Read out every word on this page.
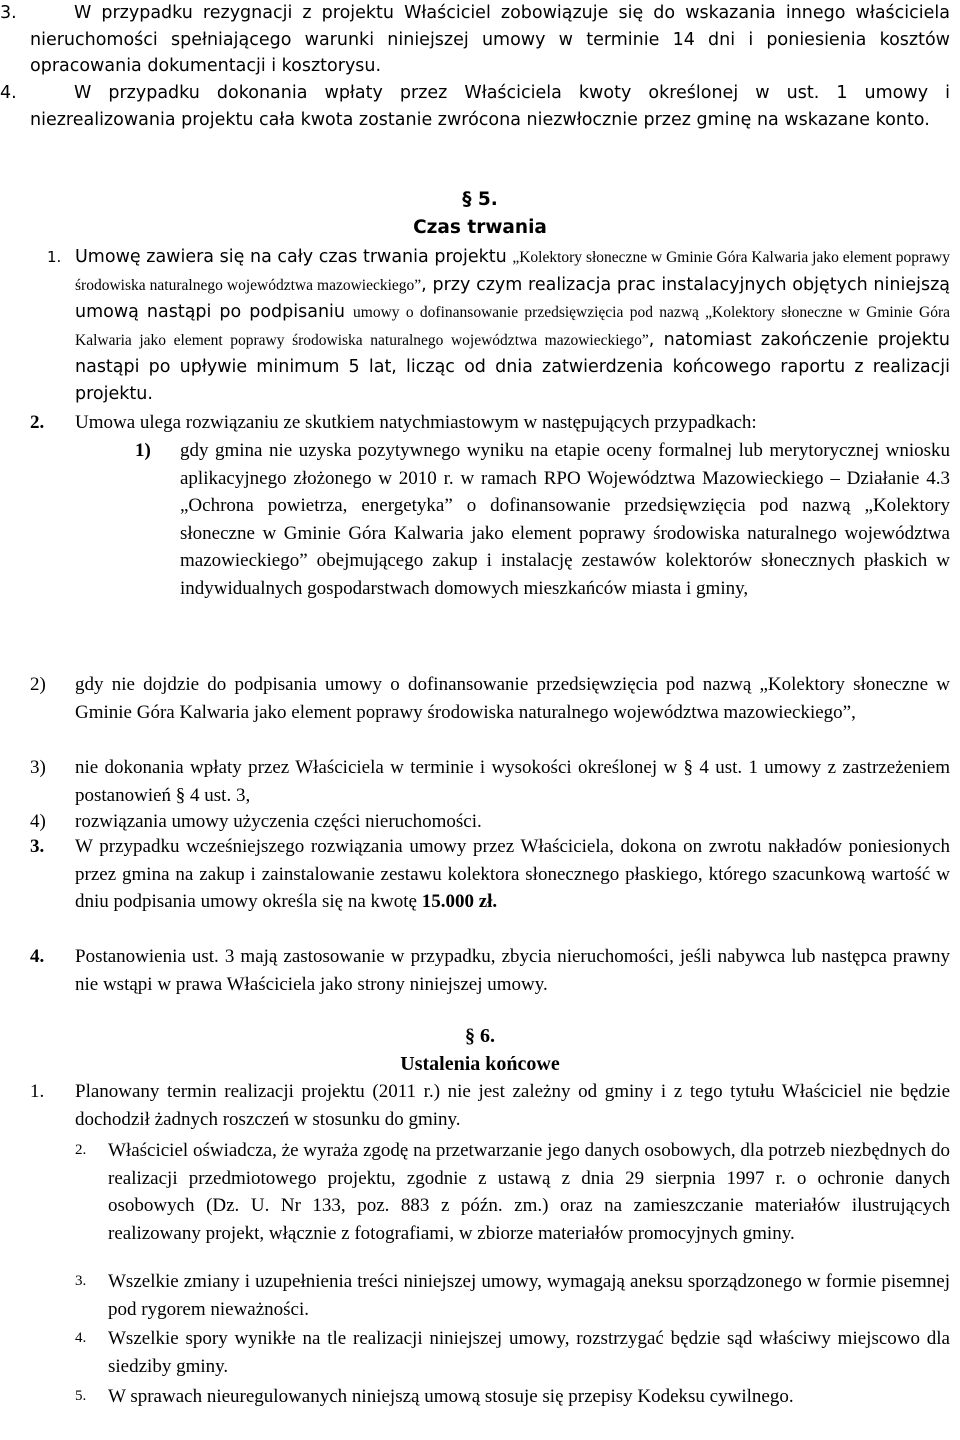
3.	W przypadku rezygnacji z projektu Właściciel zobowiązuje się do wskazania innego właściciela nieruchomości spełniającego warunki niniejszej umowy w terminie 14 dni i poniesienia kosztów opracowania dokumentacji i kosztorysu.
4.	W przypadku dokonania wpłaty przez Właściciela kwoty określonej w ust. 1 umowy i niezrealizowania projektu cała kwota zostanie zwrócona niezwłocznie przez gminę na wskazane konto.
§ 5.
Czas trwania
1. Umowę zawiera się na cały czas trwania projektu „Kolektory słoneczne w Gminie Góra Kalwaria jako element poprawy środowiska naturalnego województwa mazowieckiego”, przy czym realizacja prac instalacyjnych objętych niniejszą umową nastąpi po podpisaniu umowy o dofinansowanie przedsięwzięcia pod nazwą „Kolektory słoneczne w Gminie Góra Kalwaria jako element poprawy środowiska naturalnego województwa mazowieckiego”, natomiast zakończenie projektu nastąpi po upływie minimum 5 lat, licząc od dnia zatwierdzenia końcowego raportu z realizacji projektu.
2. Umowa ulega rozwiązaniu ze skutkiem natychmiastowym w następujących przypadkach:
1) gdy gmina nie uzyska pozytywnego wyniku na etapie oceny formalnej lub merytorycznej wniosku aplikacyjnego złożonego w 2010 r. w ramach RPO Województwa Mazowieckiego – Działanie 4.3 „Ochrona powietrza, energetyka” o dofinansowanie przedsięwzięcia pod nazwą „Kolektory słoneczne w Gminie Góra Kalwaria jako element poprawy środowiska naturalnego województwa mazowieckiego” obejmującego zakup i instalację zestawów kolektorów słonecznych płaskich w indywidualnych gospodarstwach domowych mieszkańców miasta i gminy,
2) gdy nie dojdzie do podpisania umowy o dofinansowanie przedsięwzięcia pod nazwą „Kolektory słoneczne w Gminie Góra Kalwaria jako element poprawy środowiska naturalnego województwa mazowieckiego”,
3) nie dokonania wpłaty przez Właściciela w terminie i wysokości określonej w § 4 ust. 1 umowy z zastrzeżeniem postanowień § 4 ust. 3,
4) rozwiązania umowy użyczenia części nieruchomości.
3. W przypadku wcześniejszego rozwiązania umowy przez Właściciela, dokona on zwrotu nakładów poniesionych przez gmina na zakup i zainstalowanie zestawu kolektora słonecznego płaskiego, którego szacunkową wartość w dniu podpisania umowy określa się na kwotę 15.000 zł.
4. Postanowienia ust. 3 mają zastosowanie w przypadku, zbycia nieruchomości, jeśli nabywca lub następca prawny nie wstąpi w prawa Właściciela jako strony niniejszej umowy.
§ 6.
Ustalenia końcowe
1. Planowany termin realizacji projektu (2011 r.) nie jest zależny od gminy i z tego tytułu Właściciel nie będzie dochodził żadnych roszczeń w stosunku do gminy.
2. Właściciel oświadcza, że wyraża zgodę na przetwarzanie jego danych osobowych, dla potrzeb niezbędnych do realizacji przedmiotowego projektu, zgodnie z ustawą z dnia 29 sierpnia 1997 r. o ochronie danych osobowych (Dz. U. Nr 133, poz. 883 z późn. zm.) oraz na zamieszczanie materiałów ilustrujących realizowany projekt, włącznie z fotografiami, w zbiorze materiałów promocyjnych gminy.
3. Wszelkie zmiany i uzupełnienia treści niniejszej umowy, wymagają aneksu sporządzonego w formie pisemnej pod rygorem nieważności.
4. Wszelkie spory wynikłe na tle realizacji niniejszej umowy, rozstrzygać będzie sąd właściwy miejscowo dla siedziby gminy.
5. W sprawach nieuregulowanych niniejszą umową stosuje się przepisy Kodeksu cywilnego.
